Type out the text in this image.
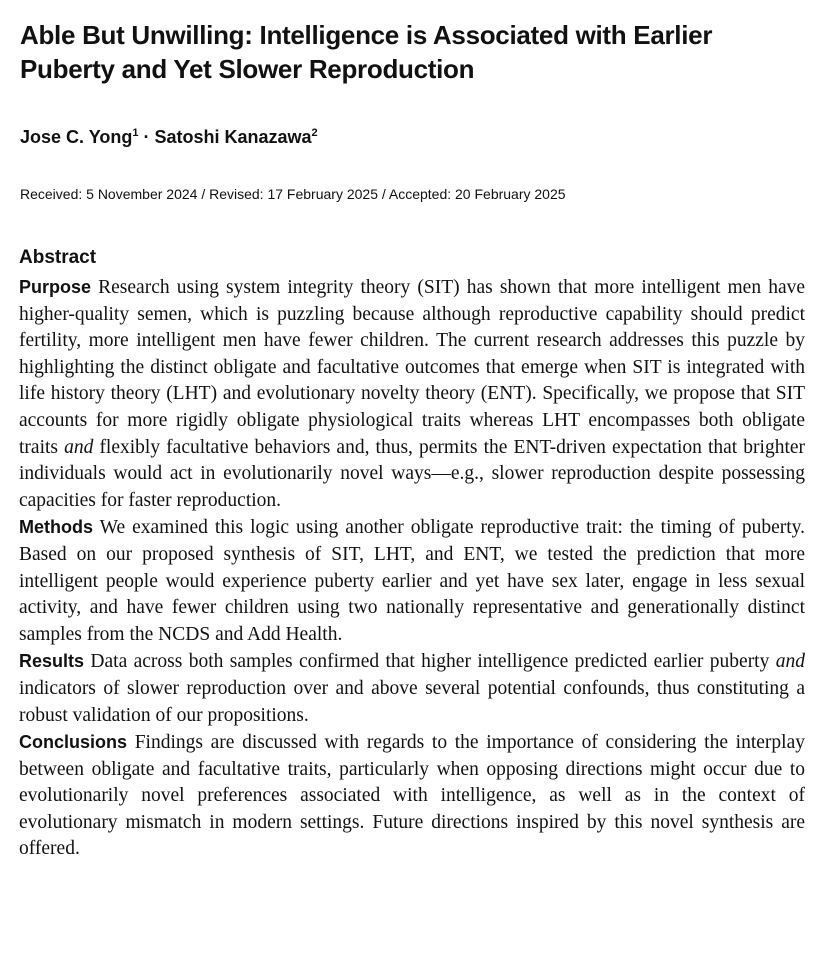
Able But Unwilling: Intelligence is Associated with Earlier Puberty and Yet Slower Reproduction
Jose C. Yong$^1$ · Satoshi Kanazawa$^2$
Received: 5 November 2024 / Revised: 17 February 2025 / Accepted: 20 February 2025
Abstract

Purpose Research using system integrity theory (SIT) has shown that more intelligent men have higher-quality semen, which is puzzling because although reproductive capability should predict fertility, more intelligent men have fewer children. The current research addresses this puzzle by highlighting the distinct obligate and facultative outcomes that emerge when SIT is integrated with life history theory (LHT) and evolutionary novelty theory (ENT). Specifically, we propose that SIT accounts for more rigidly obligate physiological traits whereas LHT encompasses both obligate traits and flexibly facultative behaviors and, thus, permits the ENT-driven expectation that brighter individuals would act in evolutionarily novel ways—e.g., slower reproduction despite possessing capacities for faster reproduction.

Methods We examined this logic using another obligate reproductive trait: the timing of puberty. Based on our proposed synthesis of SIT, LHT, and ENT, we tested the prediction that more intelligent people would experience puberty earlier and yet have sex later, engage in less sexual activity, and have fewer children using two nationally representative and generationally distinct samples from the NCDS and Add Health.

Results Data across both samples confirmed that higher intelligence predicted earlier puberty and indicators of slower reproduction over and above several potential confounds, thus constituting a robust validation of our propositions.

Conclusions Findings are discussed with regards to the importance of considering the interplay between obligate and facultative traits, particularly when opposing directions might occur due to evolutionarily novel preferences associated with intelligence, as well as in the context of evolutionary mismatch in modern settings. Future directions inspired by this novel synthesis are offered.
